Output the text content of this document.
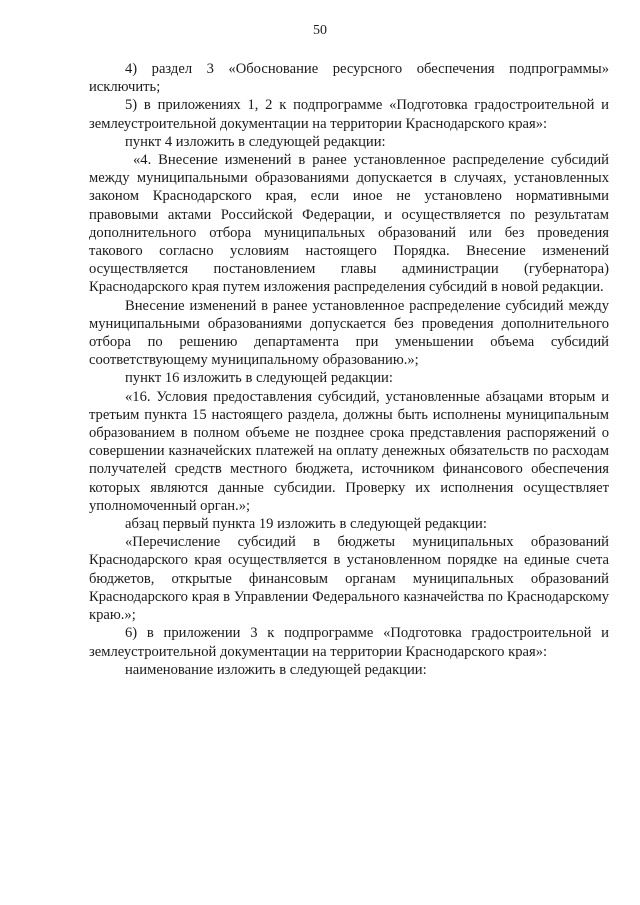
50

4) раздел 3 «Обоснование ресурсного обеспечения подпрограммы» исключить;

5) в приложениях 1, 2 к подпрограмме «Подготовка градостроительной и землеустроительной документации на территории Краснодарского края»:

пункт 4 изложить в следующей редакции:

«4. Внесение изменений в ранее установленное распределение субсидий между муниципальными образованиями допускается в случаях, установленных законом Краснодарского края, если иное не установлено нормативными правовыми актами Российской Федерации, и осуществляется по результатам дополнительного отбора муниципальных образований или без проведения такового согласно условиям настоящего Порядка. Внесение изменений осуществляется постановлением главы администрации (губернатора) Краснодарского края путем изложения распределения субсидий в новой редакции.

Внесение изменений в ранее установленное распределение субсидий между муниципальными образованиями допускается без проведения дополнительного отбора по решению департамента при уменьшении объема субсидий соответствующему муниципальному образованию.»;

пункт 16 изложить в следующей редакции:

«16. Условия предоставления субсидий, установленные абзацами вторым и третьим пункта 15 настоящего раздела, должны быть исполнены муниципальным образованием в полном объеме не позднее срока представления распоряжений о совершении казначейских платежей на оплату денежных обязательств по расходам получателей средств местного бюджета, источником финансового обеспечения которых являются данные субсидии. Проверку их исполнения осуществляет уполномоченный орган.»;

абзац первый пункта 19 изложить в следующей редакции:

«Перечисление субсидий в бюджеты муниципальных образований Краснодарского края осуществляется в установленном порядке на единые счета бюджетов, открытые финансовым органам муниципальных образований Краснодарского края в Управлении Федерального казначейства по Краснодарскому краю.»;

6) в приложении 3 к подпрограмме «Подготовка градостроительной и землеустроительной документации на территории Краснодарского края»:

наименование изложить в следующей редакции:
